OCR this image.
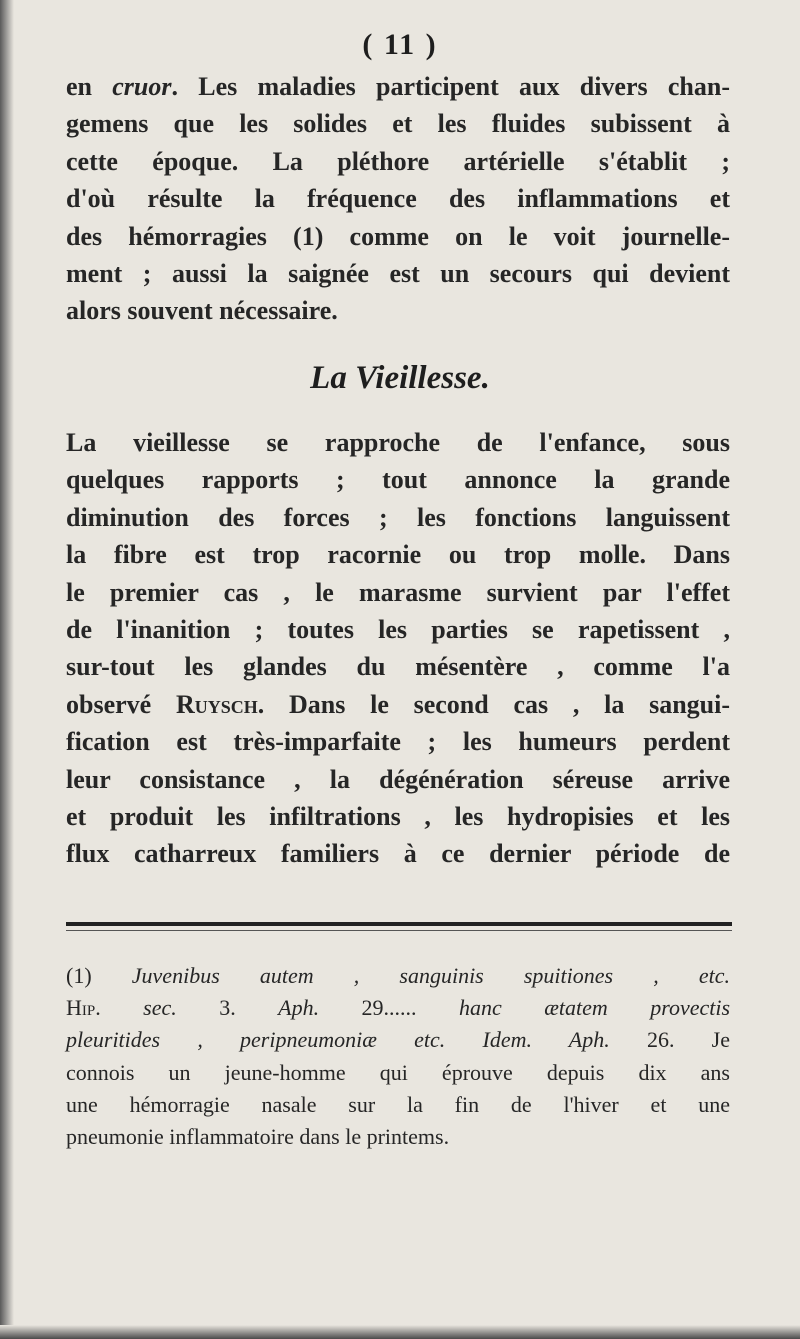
( 11 )
en cruor. Les maladies participent aux divers chan-
gemens que les solides et les fluides subissent à
cette époque. La pléthore artérielle s'établit ;
d'où résulte la fréquence des inflammations et
des hémorragies (1) comme on le voit journelle-
ment ; aussi la saignée est un secours qui devient
alors souvent nécessaire.
La Vieillesse.
La vieillesse se rapproche de l'enfance, sous
quelques rapports ; tout annonce la grande
diminution des forces ; les fonctions languissent
la fibre est trop racornie ou trop molle. Dans
le premier cas , le marasme survient par l'effet
de l'inanition ; toutes les parties se rapetissent ,
sur-tout les glandes du mésentère , comme l'a
observé Ruysch. Dans le second cas , la sangui-
fication est très-imparfaite ; les humeurs perdent
leur consistance , la dégénération séreuse arrive
et produit les infiltrations , les hydropisies et les
flux catharreux familiers à ce dernier période de
(1) Juvenibus autem , sanguinis spuitiones , etc.
Hip. sec. 3. Aph. 29...... hanc ætatem provectis
pleuritides , peripneumoniæ etc. Idem. Aph. 26. Je
connois un jeune-homme qui éprouve depuis dix ans
une hémorragie nasale sur la fin de l'hiver et une
pneumonie inflammatoire dans le printems.
